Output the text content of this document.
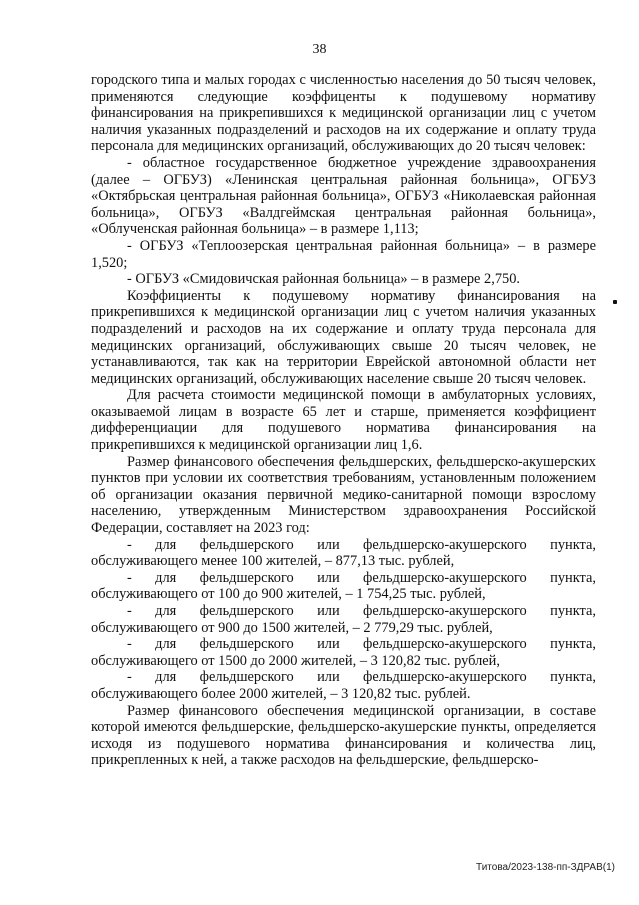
38

городского типа и малых городах с численностью населения до 50 тысяч человек, применяются следующие коэффиценты к подушевому нормативу финансирования на прикрепившихся к медицинской организации лиц с учетом наличия указанных подразделений и расходов на их содержание и оплату труда персонала для медицинских организаций, обслуживающих до 20 тысяч человек:

- областное государственное бюджетное учреждение здравоохранения (далее – ОГБУЗ) «Ленинская центральная районная больница», ОГБУЗ «Октябрьская центральная районная больница», ОГБУЗ «Николаевская районная больница», ОГБУЗ «Валдгеймская центральная районная больница», «Облученская районная больница» – в размере 1,113;

- ОГБУЗ «Теплоозерская центральная районная больница» – в размере 1,520;

- ОГБУЗ «Смидовичская районная больница» – в размере 2,750.

Коэффициенты к подушевому нормативу финансирования на прикрепившихся к медицинской организации лиц с учетом наличия указанных подразделений и расходов на их содержание и оплату труда персонала для медицинских организаций, обслуживающих свыше 20 тысяч человек, не устанавливаются, так как на территории Еврейской автономной области нет медицинских организаций, обслуживающих население свыше 20 тысяч человек.

Для расчета стоимости медицинской помощи в амбулаторных условиях, оказываемой лицам в возрасте 65 лет и старше, применяется коэффициент дифференциации для подушевого норматива финансирования на прикрепившихся к медицинской организации лиц 1,6.

Размер финансового обеспечения фельдшерских, фельдшерско-акушерских пунктов при условии их соответствия требованиям, установленным положением об организации оказания первичной медико-санитарной помощи взрослому населению, утвержденным Министерством здравоохранения Российской Федерации, составляет на 2023 год:

- для фельдшерского или фельдшерско-акушерского пункта, обслуживающего менее 100 жителей, – 877,13 тыс. рублей,

- для фельдшерского или фельдшерско-акушерского пункта, обслуживающего от 100 до 900 жителей, – 1 754,25 тыс. рублей,

- для фельдшерского или фельдшерско-акушерского пункта, обслуживающего от 900 до 1500 жителей, – 2 779,29 тыс. рублей,

- для фельдшерского или фельдшерско-акушерского пункта, обслуживающего от 1500 до 2000 жителей, – 3 120,82 тыс. рублей,

- для фельдшерского или фельдшерско-акушерского пункта, обслуживающего более 2000 жителей, – 3 120,82 тыс. рублей.

Размер финансового обеспечения медицинской организации, в составе которой имеются фельдшерские, фельдшерско-акушерские пункты, определяется исходя из подушевого норматива финансирования и количества лиц, прикрепленных к ней, а также расходов на фельдшерские, фельдшерско-

Титова/2023-138-пп-ЗДРАВ(1)
